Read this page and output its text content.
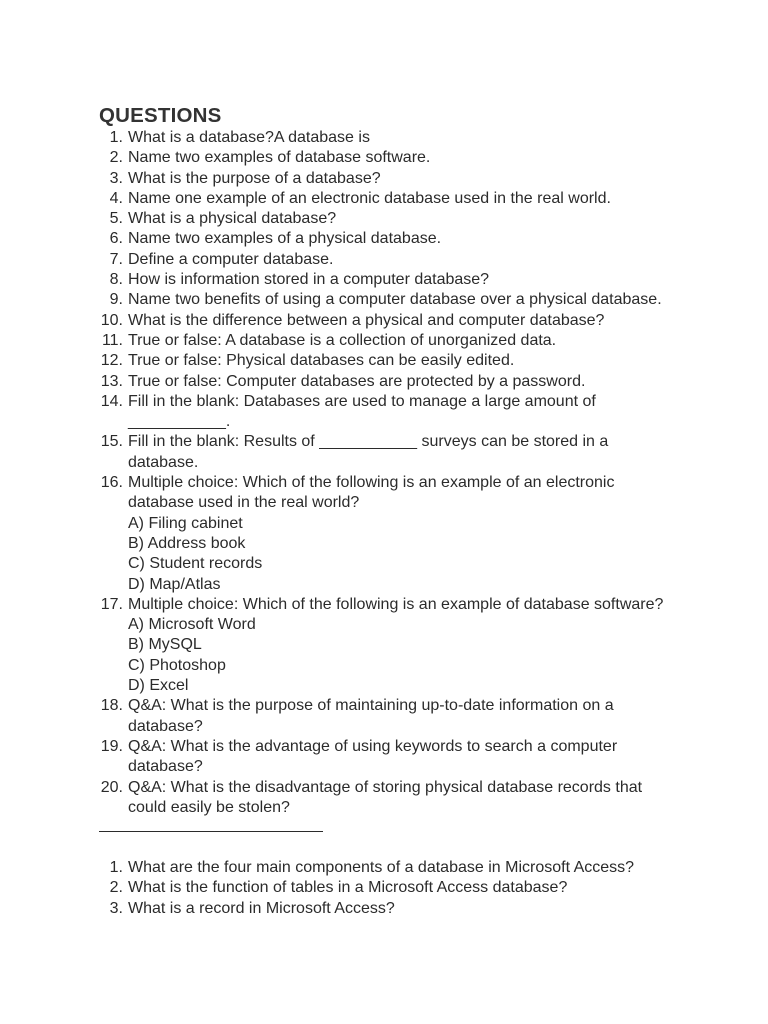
QUESTIONS
1. What is a database?A database is
2. Name two examples of database software.
3. What is the purpose of a database?
4. Name one example of an electronic database used in the real world.
5. What is a physical database?
6. Name two examples of a physical database.
7. Define a computer database.
8. How is information stored in a computer database?
9. Name two benefits of using a computer database over a physical database.
10. What is the difference between a physical and computer database?
11. True or false: A database is a collection of unorganized data.
12. True or false: Physical databases can be easily edited.
13. True or false: Computer databases are protected by a password.
14. Fill in the blank: Databases are used to manage a large amount of ___________.
15. Fill in the blank: Results of ___________ surveys can be stored in a database.
16. Multiple choice: Which of the following is an example of an electronic database used in the real world?
A) Filing cabinet
B) Address book
C) Student records
D) Map/Atlas
17. Multiple choice: Which of the following is an example of database software?
A) Microsoft Word
B) MySQL
C) Photoshop
D) Excel
18. Q&A: What is the purpose of maintaining up-to-date information on a database?
19. Q&A: What is the advantage of using keywords to search a computer database?
20. Q&A: What is the disadvantage of storing physical database records that could easily be stolen?
1. What are the four main components of a database in Microsoft Access?
2. What is the function of tables in a Microsoft Access database?
3. What is a record in Microsoft Access?
